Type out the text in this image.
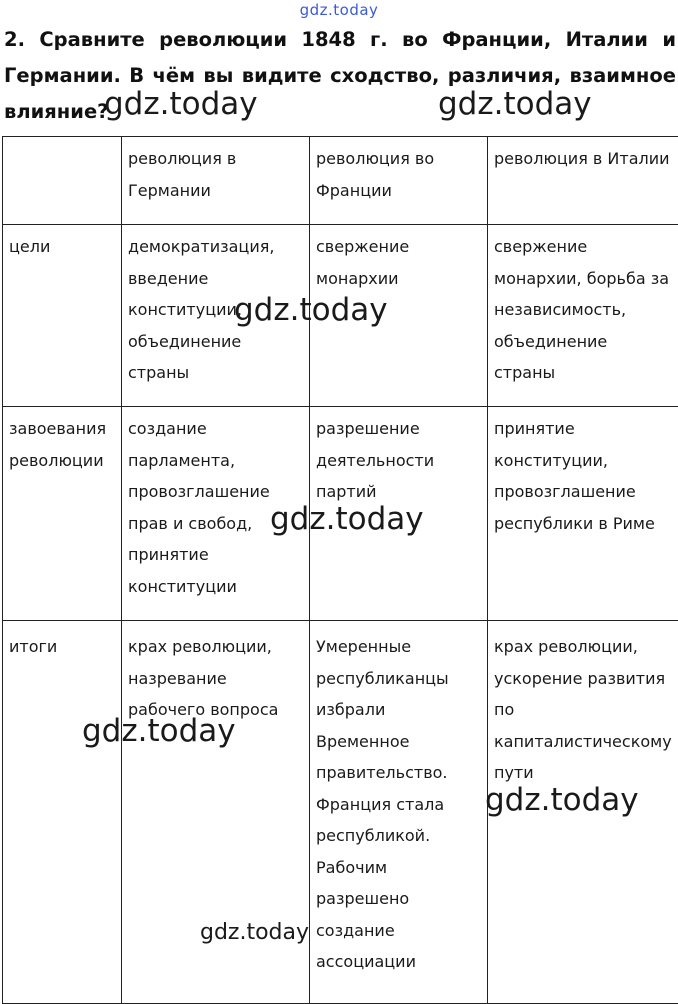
gdz.today
2. Сравните революции 1848 г. во Франции, Италии и Германии. В чём вы видите сходство, различия, взаимное влияние?
	революция в Германии	революция во Франции	революция в Италии
цели	демократизация, введение конституции, объединение страны	свержение монархии	свержение монархии, борьба за независимость, объединение страны
завоевания революции	создание парламента, провозглашение прав и свобод, принятие конституции	разрешение деятельности партий	принятие конституции, провозглашение республики в Риме
итоги	крах революции, назревание рабочего вопроса	Умеренные республиканцы избрали Временное правительство. Франция стала республикой. Рабочим разрешено создание ассоциации	крах революции, ускорение развития по капиталистическому пути
gdz.today	gdz.today
gdz.today
gdz.today
gdz.today
gdz.today
gdz.today
